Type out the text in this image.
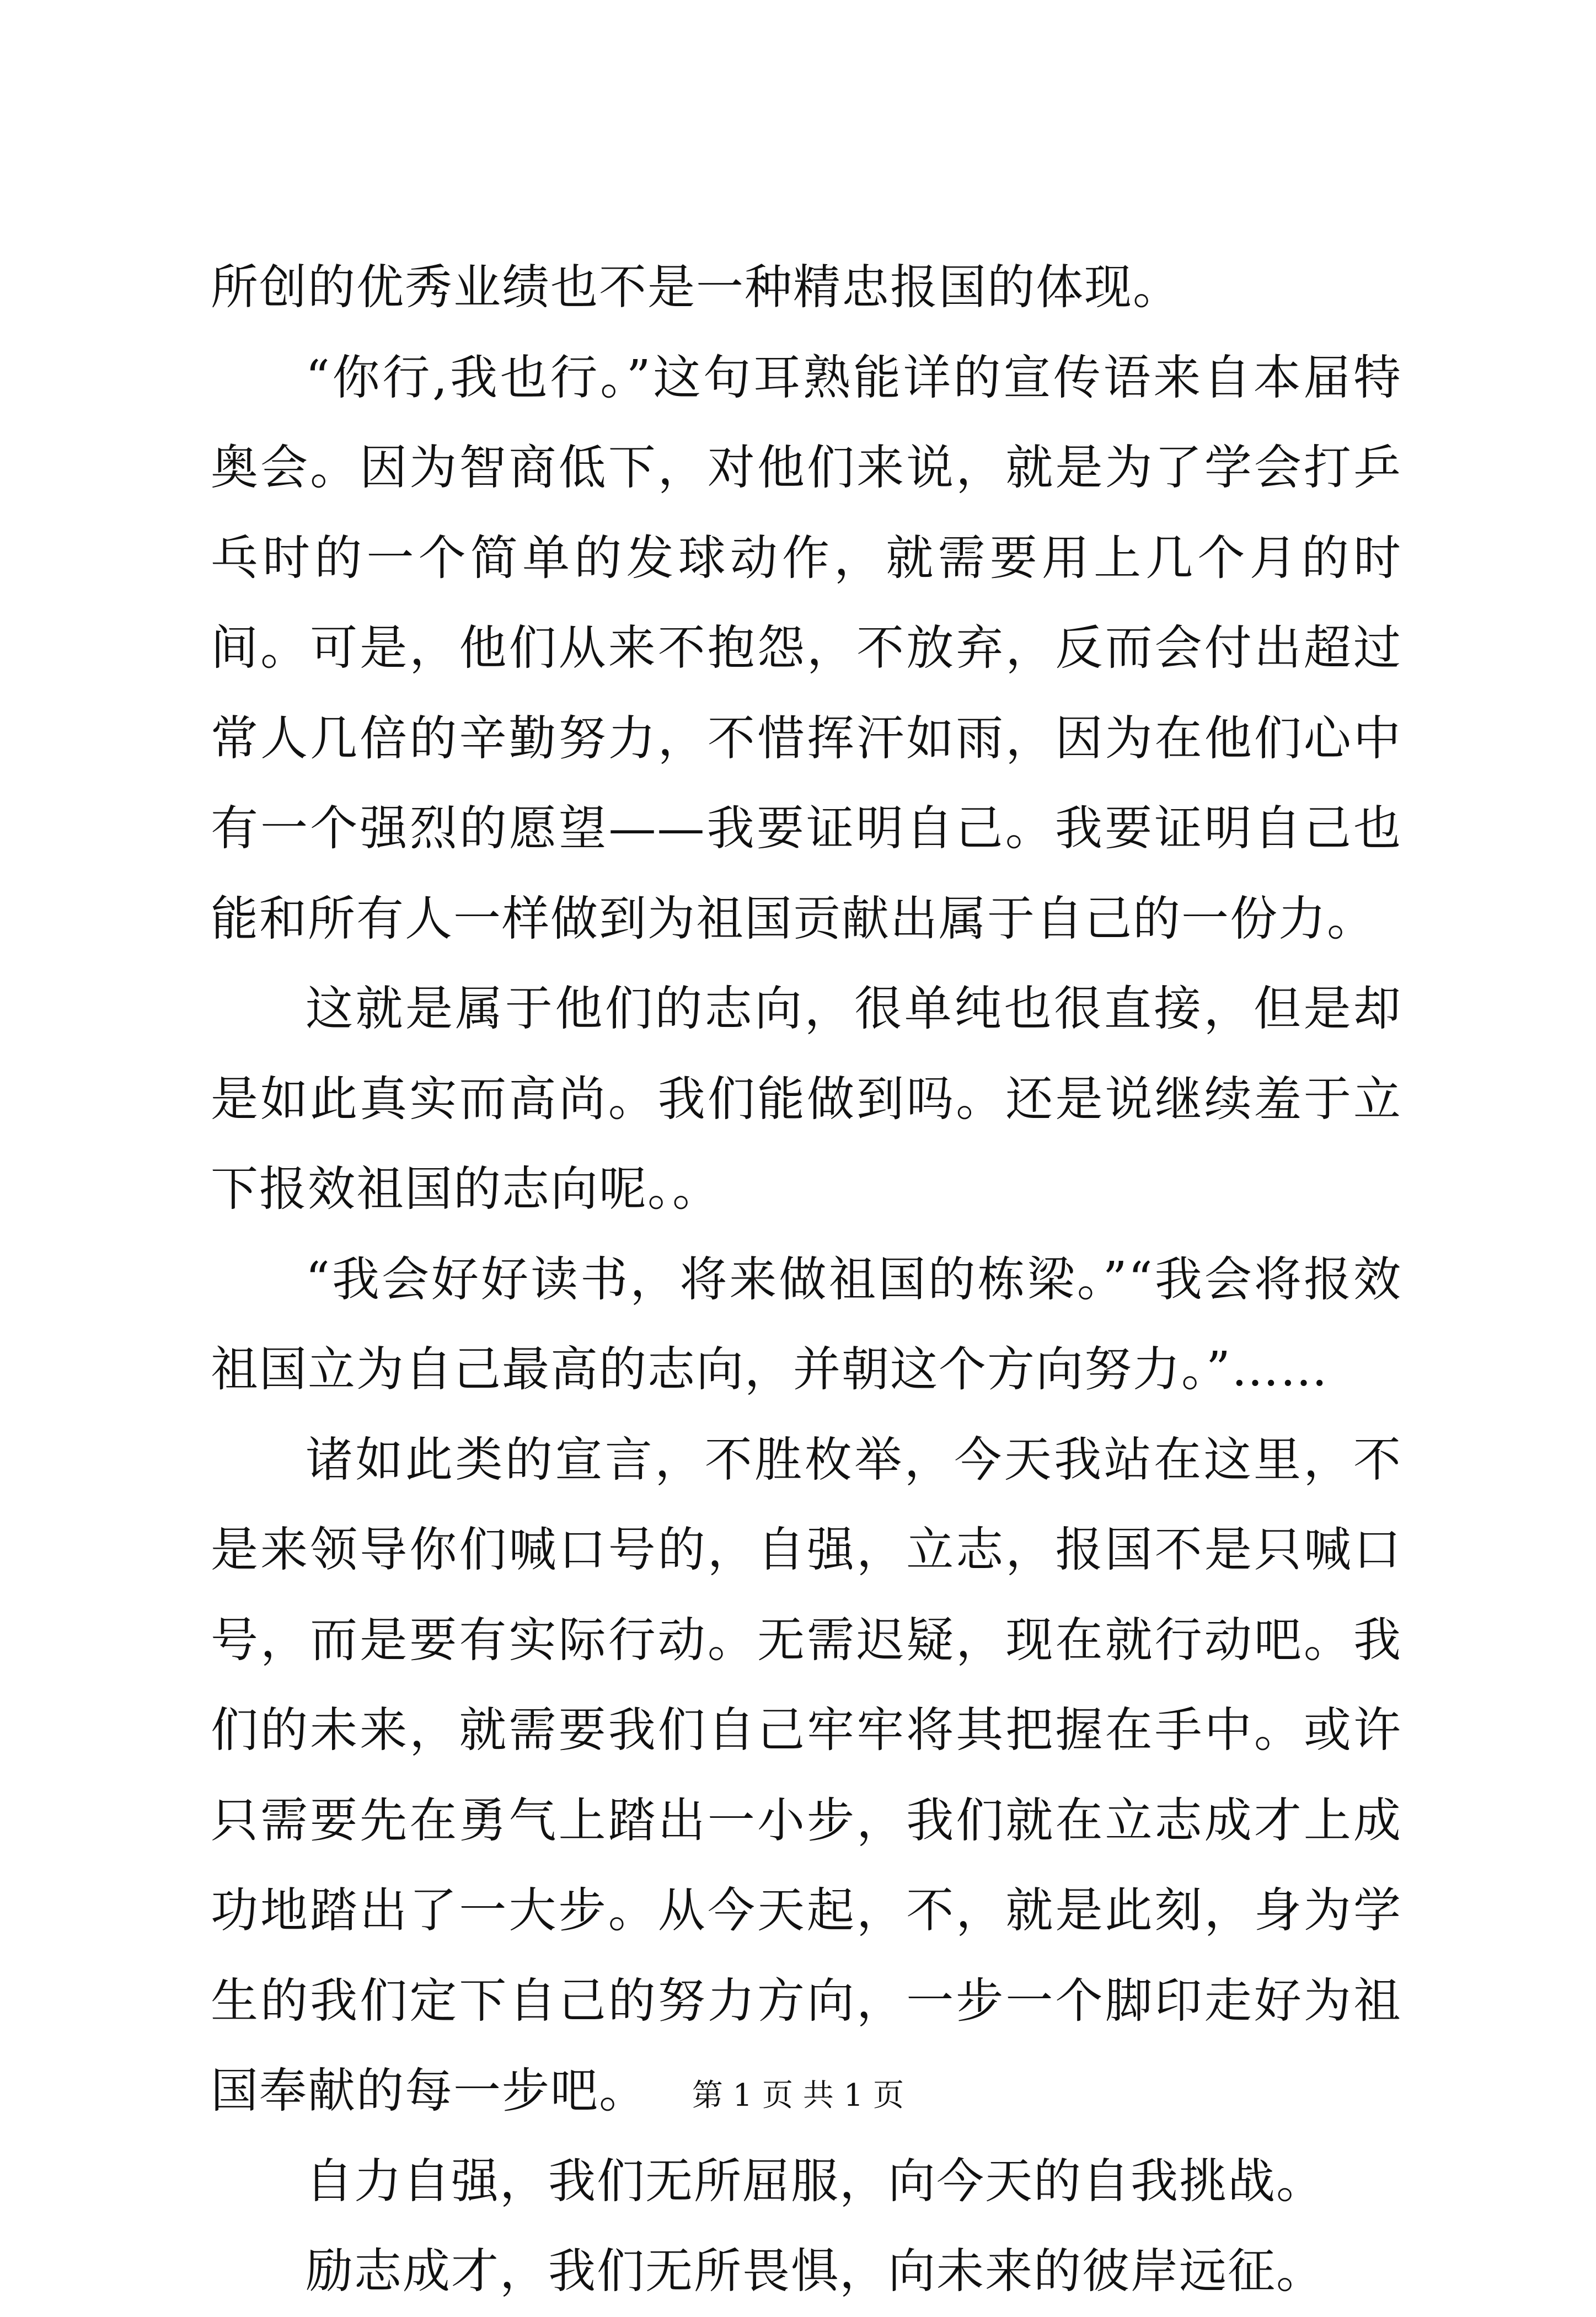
所创的优秀业绩也不是一种精忠报国的体现。

“你行,我也行。”这句耳熟能详的宣传语来自本届特奥会。因为智商低下，对他们来说，就是为了学会打乒乓时的一个简单的发球动作，就需要用上几个月的时间。可是，他们从来不抱怨，不放弃，反而会付出超过常人几倍的辛勤努力，不惜挥汗如雨，因为在他们心中有一个强烈的愿望——我要证明自己。我要证明自己也能和所有人一样做到为祖国贡献出属于自己的一份力。

这就是属于他们的志向，很单纯也很直接，但是却是如此真实而高尚。我们能做到吗。还是说继续羞于立下报效祖国的志向呢。。

“我会好好读书，将来做祖国的栋梁。”“我会将报效祖国立为自己最高的志向，并朝这个方向努力。”……

诸如此类的宣言，不胜枚举，今天我站在这里，不是来领导你们喊口号的，自强，立志，报国不是只喊口号，而是要有实际行动。无需迟疑，现在就行动吧。我们的未来，就需要我们自己牢牢将其把握在手中。或许只需要先在勇气上踏出一小步，我们就在立志成才上成功地踏出了一大步。从今天起，不，就是此刻，身为学生的我们定下自己的努力方向，一步一个脚印走好为祖国奉献的每一步吧。

自力自强，我们无所屈服，向今天的自我挑战。

励志成才，我们无所畏惧，向未来的彼岸远征。

第 1 页 共 1 页
